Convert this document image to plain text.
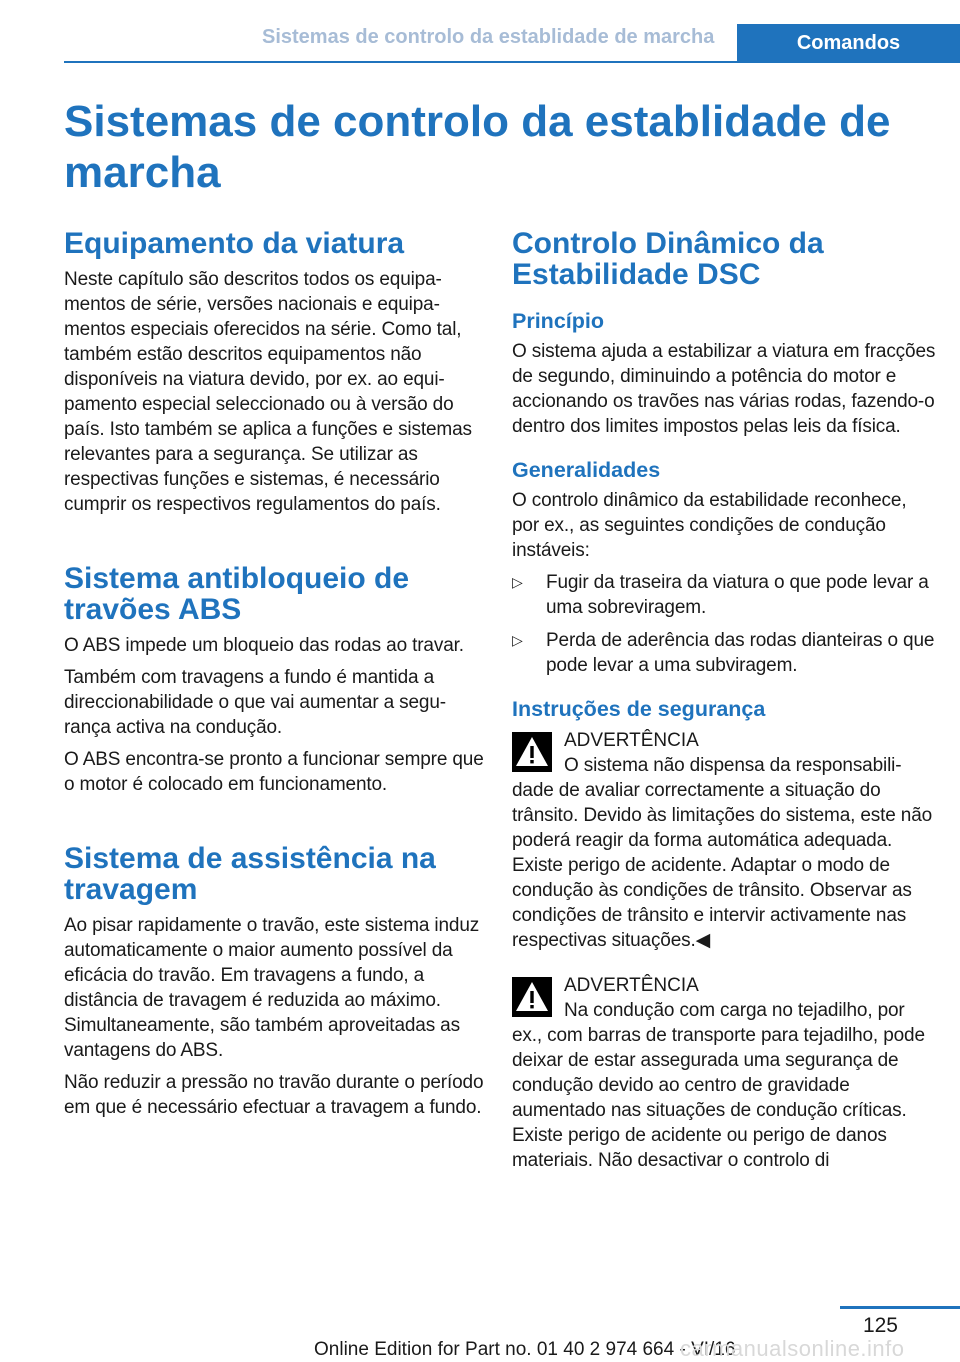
Sistemas de controlo da establidade de marcha	Comandos
Sistemas de controlo da establidade de marcha
Equipamento da viatura

Neste capítulo são descritos todos os equipamentos de série, versões nacionais e equipamentos especiais oferecidos na série. Como tal, também estão descritos equipamentos não disponíveis na viatura devido, por ex. ao equipamento especial seleccionado ou à versão do país. Isto também se aplica a funções e sistemas relevantes para a segurança. Se utilizar as respectivas funções e sistemas, é necessário cumprir os respectivos regulamentos do país.

Sistema antibloqueio de travões ABS

O ABS impede um bloqueio das rodas ao travar.

Também com travagens a fundo é mantida a direccionabilidade o que vai aumentar a segurança activa na condução.

O ABS encontra-se pronto a funcionar sempre que o motor é colocado em funcionamento.

Sistema de assistência na travagem

Ao pisar rapidamente o travão, este sistema induz automaticamente o maior aumento possível da eficácia do travão. Em travagens a fundo, a distância de travagem é reduzida ao máximo. Simultaneamente, são também aproveitadas as vantagens do ABS.

Não reduzir a pressão no travão durante o período em que é necessário efectuar a travagem a fundo.

Controlo Dinâmico da Estabilidade DSC
Princípio

O sistema ajuda a estabilizar a viatura em fracções de segundo, diminuindo a potência do motor e accionando os travões nas várias rodas, fazendo-o dentro dos limites impostos pelas leis da física.

Generalidades

O controlo dinâmico da estabilidade reconhece, por ex., as seguintes condições de condução instáveis:

▷ Fugir da traseira da viatura o que pode levar a uma sobreviragem.
▷ Perda de aderência das rodas dianteiras o que pode levar a uma subviragem.
Instruções de segurança
ADVERTÊNCIA
O sistema não dispensa da responsabilidade de avaliar correctamente a situação do trânsito. Devido às limitações do sistema, este não poderá reagir da forma automática adequada. Existe perigo de acidente. Adaptar o modo de condução às condições de trânsito. Observar as condições de trânsito e intervir activamente nas respectivas situações.◀
ADVERTÊNCIA
Na condução com carga no tejadilho, por ex., com barras de transporte para tejadilho, pode deixar de estar assegurada uma segurança de condução devido ao centro de gravidade aumentado nas situações de condução críticas. Existe perigo de acidente ou perigo de danos materiais. Não desactivar o controlo di
125
Online Edition for Part no. 01 40 2 974 664 - VI/16
carmanualsonline.info
